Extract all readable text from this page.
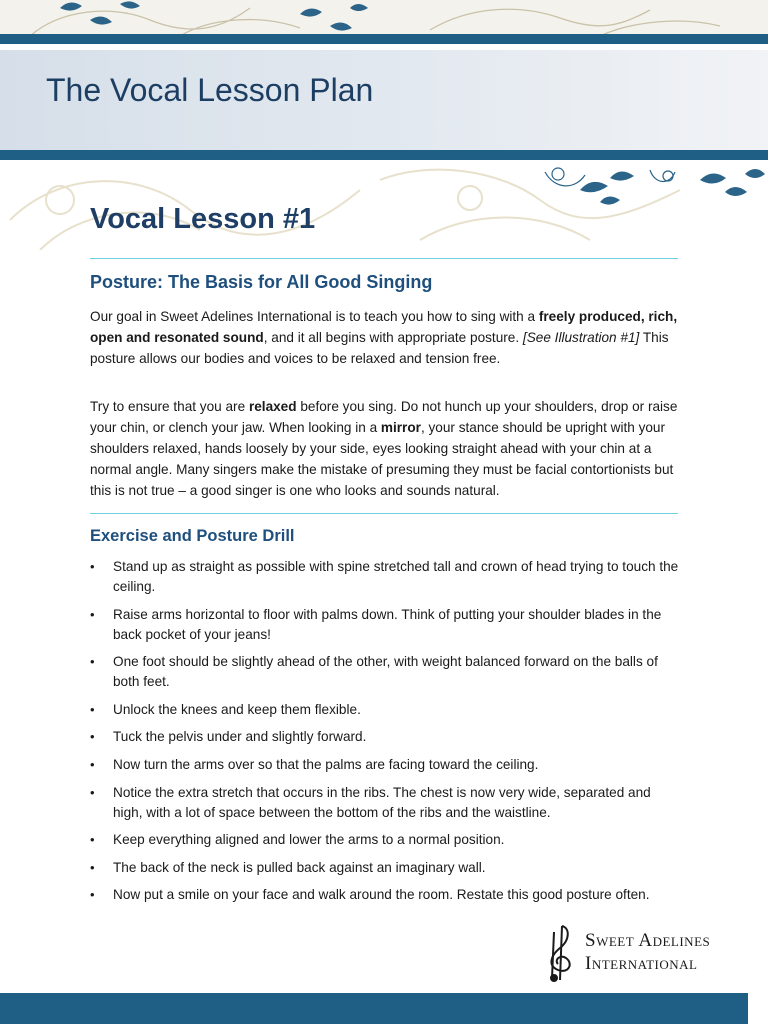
The Vocal Lesson Plan
Vocal Lesson #1
Posture: The Basis for All Good Singing

Our goal in Sweet Adelines International is to teach you how to sing with a freely produced, rich, open and resonated sound, and it all begins with appropriate posture. [See Illustration #1] This posture allows our bodies and voices to be relaxed and tension free.

Try to ensure that you are relaxed before you sing. Do not hunch up your shoulders, drop or raise your chin, or clench your jaw. When looking in a mirror, your stance should be upright with your shoulders relaxed, hands loosely by your side, eyes looking straight ahead with your chin at a normal angle. Many singers make the mistake of presuming they must be facial contortionists but this is not true – a good singer is one who looks and sounds natural.

Exercise and Posture Drill
• Stand up as straight as possible with spine stretched tall and crown of head trying to touch the ceiling.
• Raise arms horizontal to floor with palms down. Think of putting your shoulder blades in the back pocket of your jeans!
• One foot should be slightly ahead of the other, with weight balanced forward on the balls of both feet.
• Unlock the knees and keep them flexible.
• Tuck the pelvis under and slightly forward.
• Now turn the arms over so that the palms are facing toward the ceiling.
• Notice the extra stretch that occurs in the ribs. The chest is now very wide, separated and high, with a lot of space between the bottom of the ribs and the waistline.
• Keep everything aligned and lower the arms to a normal position.
• The back of the neck is pulled back against an imaginary wall.
• Now put a smile on your face and walk around the room. Restate this good posture often.
Sweet Adelines
International
